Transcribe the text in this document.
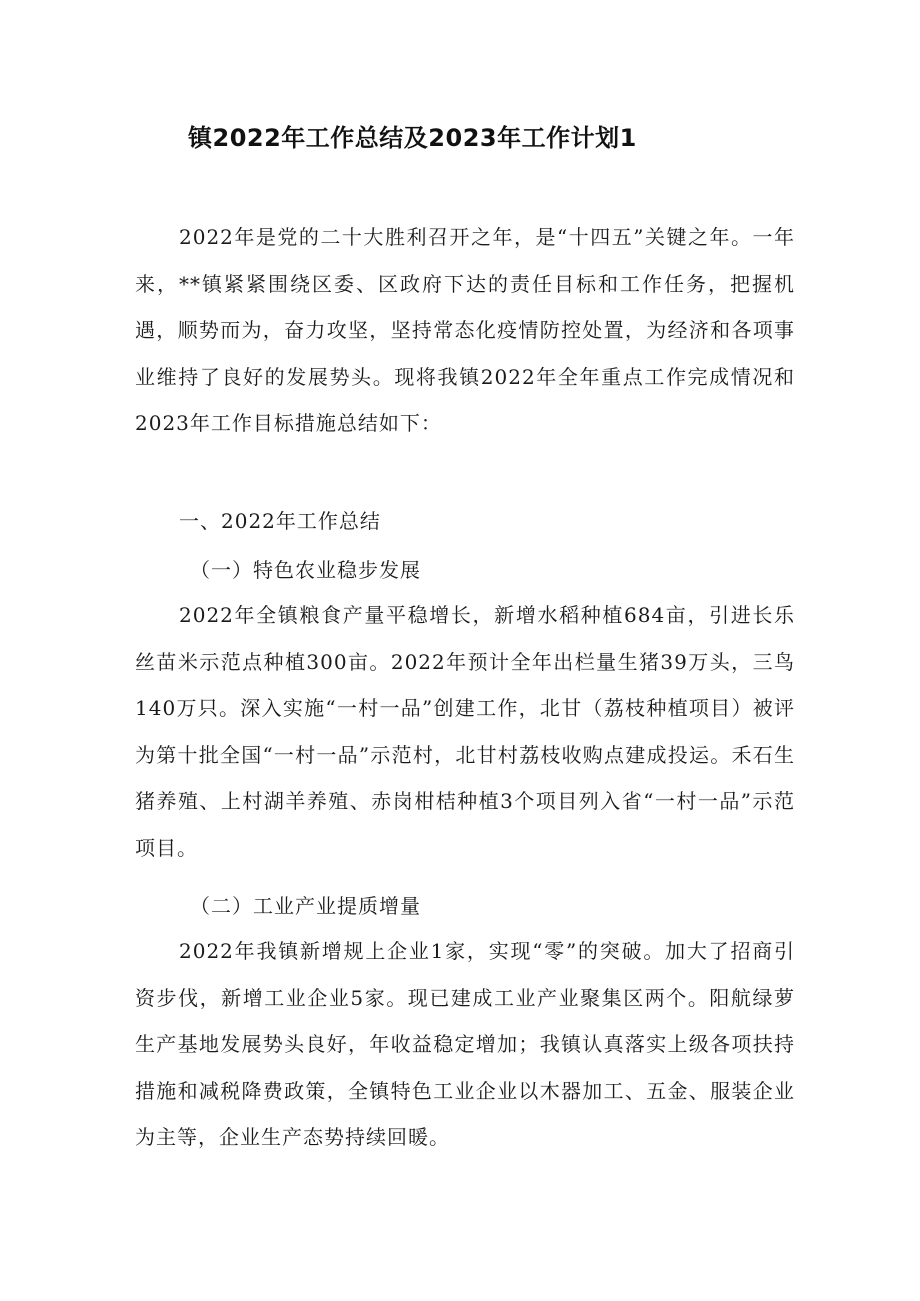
镇2022年工作总结及2023年工作计划1

2022年是党的二十大胜利召开之年，是“十四五”关键之年。一年来，**镇紧紧围绕区委、区政府下达的责任目标和工作任务，把握机遇，顺势而为，奋力攻坚，坚持常态化疫情防控处置，为经济和各项事业维持了良好的发展势头。现将我镇2022年全年重点工作完成情况和2023年工作目标措施总结如下：

一、2022年工作总结

（一）特色农业稳步发展

2022年全镇粮食产量平稳增长，新增水稻种植684亩，引进长乐丝苗米示范点种植300亩。2022年预计全年出栏量生猪39万头，三鸟140万只。深入实施“一村一品”创建工作，北甘（荔枝种植项目）被评为第十批全国“一村一品”示范村，北甘村荔枝收购点建成投运。禾石生猪养殖、上村湖羊养殖、赤岗柑桔种植3个项目列入省“一村一品”示范项目。

（二）工业产业提质增量

2022年我镇新增规上企业1家，实现“零”的突破。加大了招商引资步伐，新增工业企业5家。现已建成工业产业聚集区两个。阳航绿萝生产基地发展势头良好，年收益稳定增加；我镇认真落实上级各项扶持措施和减税降费政策，全镇特色工业企业以木器加工、五金、服装企业为主等，企业生产态势持续回暖。
